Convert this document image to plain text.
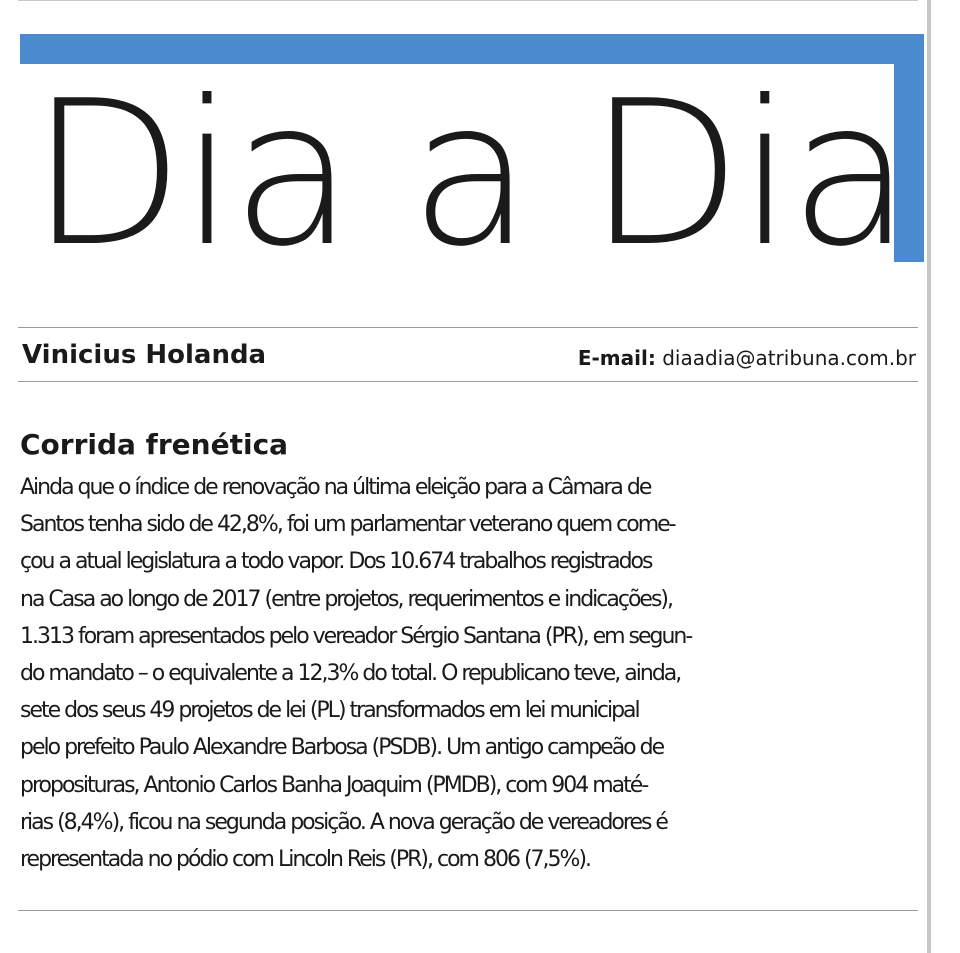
Dia a Dia
Vinicius Holanda	E-mail: diaadia@atribuna.com.br
Corrida frenética

Ainda que o índice de renovação na última eleição para a Câmara de
Santos tenha sido de 42,8%, foi um parlamentar veterano quem come-
çou a atual legislatura a todo vapor. Dos 10.674 trabalhos registrados
na Casa ao longo de 2017 (entre projetos, requerimentos e indicações),
1.313 foram apresentados pelo vereador Sérgio Santana (PR), em segun-
do mandato – o equivalente a 12,3% do total. O republicano teve, ainda,
sete dos seus 49 projetos de lei (PL) transformados em lei municipal
pelo prefeito Paulo Alexandre Barbosa (PSDB). Um antigo campeão de
proposituras, Antonio Carlos Banha Joaquim (PMDB), com 904 maté-
rias (8,4%), ficou na segunda posição. A nova geração de vereadores é
representada no pódio com Lincoln Reis (PR), com 806 (7,5%).
